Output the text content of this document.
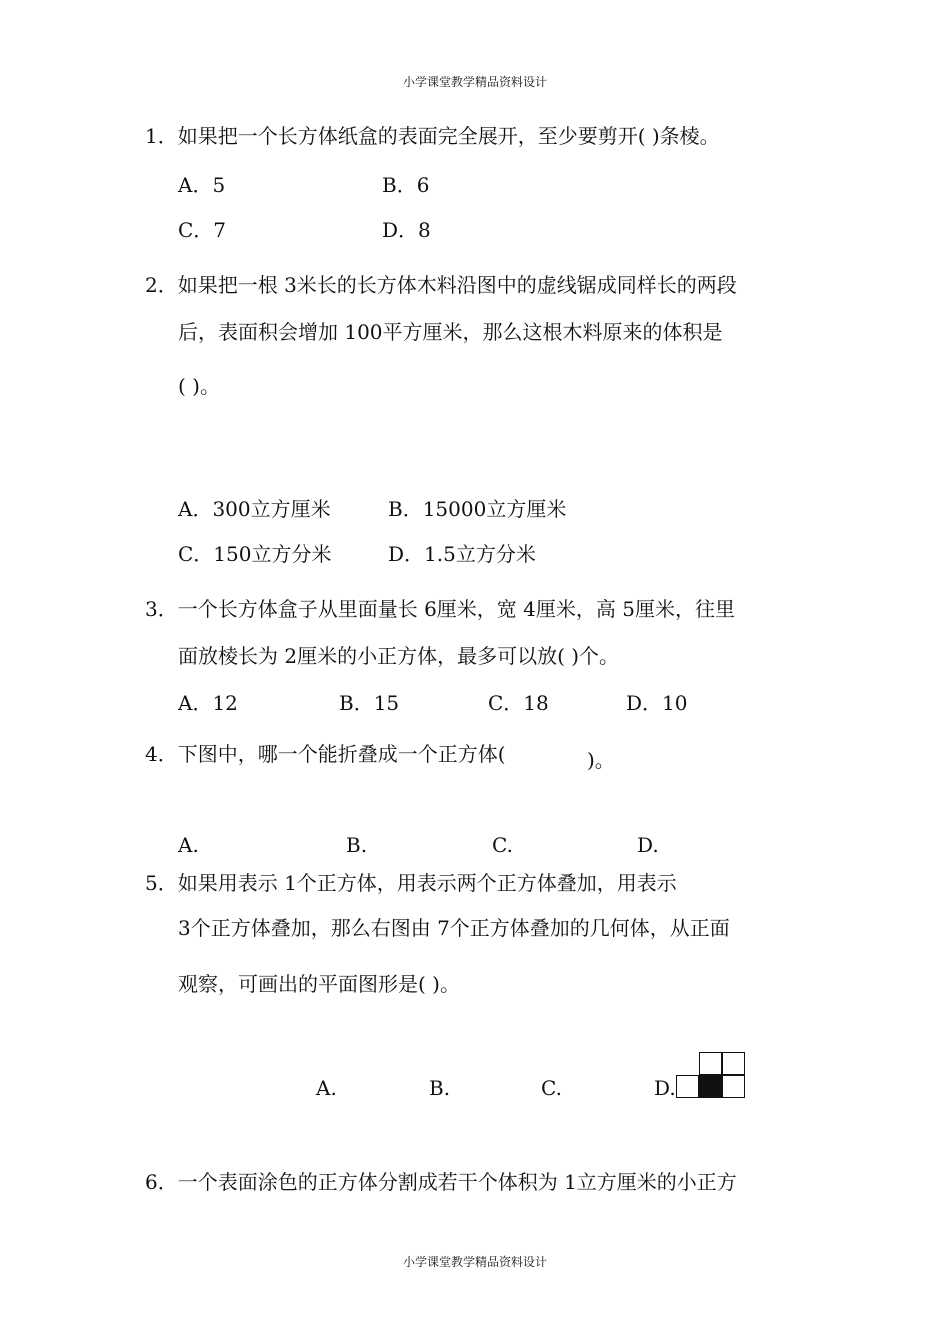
小学课堂教学精品资料设计
1．如果把一个长方体纸盒的表面完全展开，至少要剪开( )条棱。
A．5	B．6
C．7	D．8
2．如果把一根 3米长的长方体木料沿图中的虚线锯成同样长的两段
后，表面积会增加 100平方厘米，那么这根木料原来的体积是
( )。
A．300立方厘米	B．15000立方厘米
C．150立方分米	D．1.5立方分米
3．一个长方体盒子从里面量长 6厘米，宽 4厘米，高 5厘米，往里
面放棱长为 2厘米的小正方体，最多可以放( )个。
A．12	B．15	C．18	D．10
4．下图中，哪一个能折叠成一个正方体(	)。
A.	B.	C.	D.
5．如果用表示 1个正方体，用表示两个正方体叠加，用表示
3个正方体叠加，那么右图由 7个正方体叠加的几何体，从正面
观察，可画出的平面图形是( )。
A.	B.	C.	D.
6．一个表面涂色的正方体分割成若干个体积为 1立方厘米的小正方
小学课堂教学精品资料设计
